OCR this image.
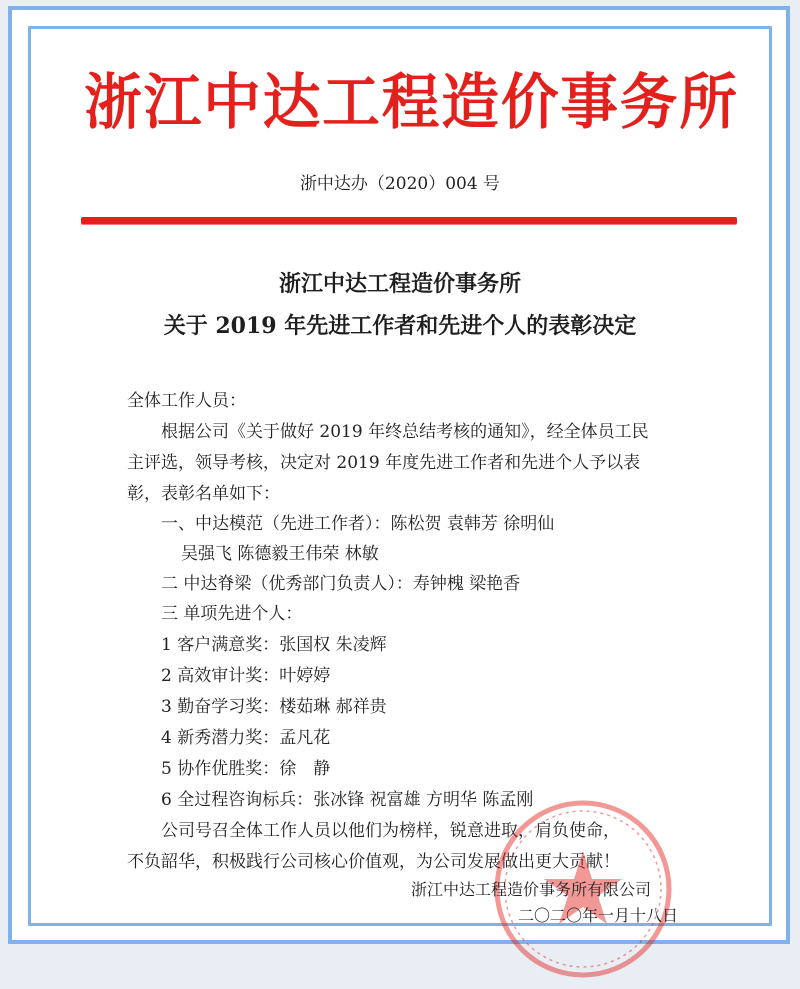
浙江中达工程造价事务所
浙中达办（2020）004 号
浙江中达工程造价事务所
关于 2019 年先进工作者和先进个人的表彰决定
全体工作人员：
根据公司《关于做好 2019 年终总结考核的通知》，经全体员工民
主评选，领导考核，决定对 2019 年度先进工作者和先进个人予以表
彰，表彰名单如下：
一、中达模范（先进工作者）：陈松贺 袁韩芳 徐明仙
吴强飞 陈德毅王伟荣 林敏
二 中达脊梁（优秀部门负责人）：寿钟槐 梁艳香
三 单项先进个人：
1 客户满意奖：张国权 朱凌辉
2 高效审计奖：叶婷婷
3 勤奋学习奖：楼茹琳 郝祥贵
4 新秀潜力奖：孟凡花
5 协作优胜奖：徐　静
6 全过程咨询标兵：张冰锋 祝富雄 方明华 陈孟刚
公司号召全体工作人员以他们为榜样，锐意进取，肩负使命，
不负韶华，积极践行公司核心价值观，为公司发展做出更大贡献！
浙江中达工程造价事务所有限公司
二〇二〇年一月十八日
